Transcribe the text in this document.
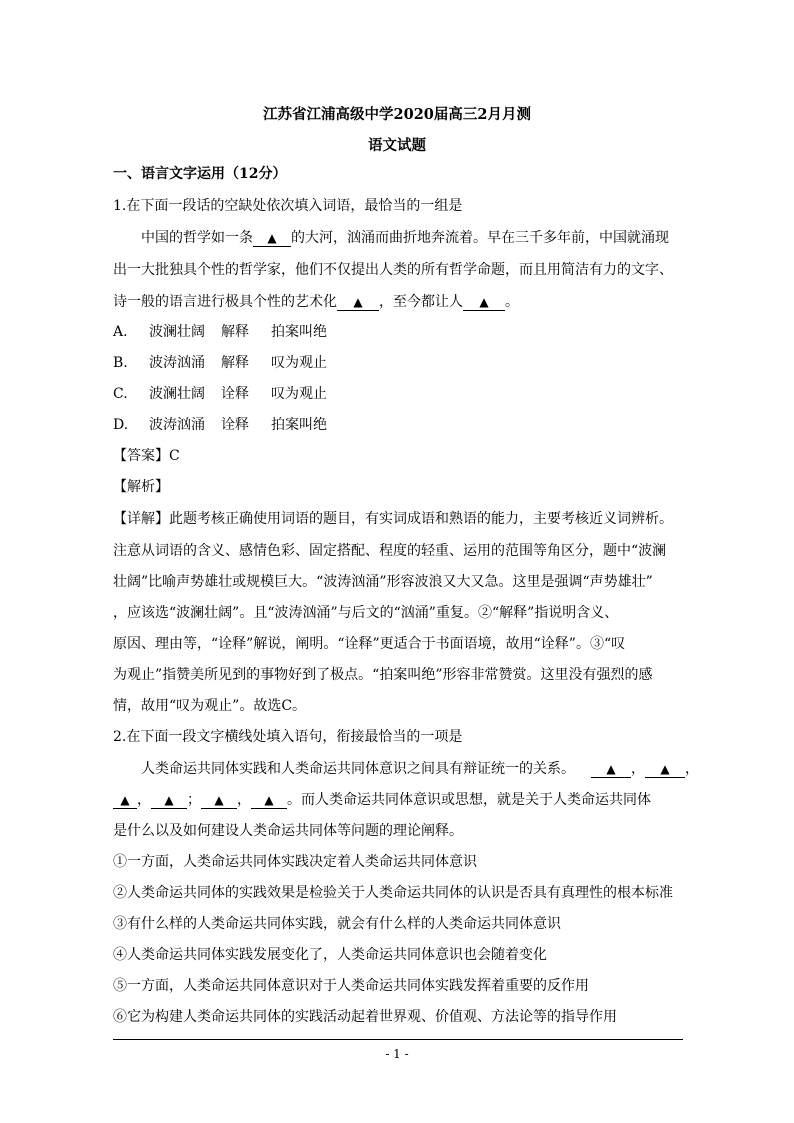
江苏省江浦高级中学2020届高三2月月测
语文试题
一、语言文字运用（12分）
1.在下面一段话的空缺处依次填入词语，最恰当的一组是
中国的哲学如一条 ▲ 的大河，汹涌而曲折地奔流着。早在三千多年前，中国就涌现
出一大批独具个性的哲学家，他们不仅提出人类的所有哲学命题，而且用简洁有力的文字、
诗一般的语言进行极具个性的艺术化 ▲ ，至今都让人 ▲ 。
A. 波澜壮阔 解释 拍案叫绝
B. 波涛汹涌 解释 叹为观止
C. 波澜壮阔 诠释 叹为观止
D. 波涛汹涌 诠释 拍案叫绝
【答案】C
【解析】
【详解】此题考核正确使用词语的题目，有实词成语和熟语的能力，主要考核近义词辨析。
注意从词语的含义、感情色彩、固定搭配、程度的轻重、运用的范围等角区分，题中“波澜
壮阔”比喻声势雄壮或规模巨大。“波涛汹涌”形容波浪又大又急。这里是强调“声势雄壮”
，应该选“波澜壮阔”。且“波涛汹涌”与后文的“汹涌”重复。②“解释”指说明含义、
原因、理由等，“诠释”解说，阐明。“诠释”更适合于书面语境，故用“诠释”。③“叹
为观止”指赞美所见到的事物好到了极点。“拍案叫绝”形容非常赞赏。这里没有强烈的感
情，故用“叹为观止”。故选C。
2.在下面一段文字横线处填入语句，衔接最恰当的一项是
人类命运共同体实践和人类命运共同体意识之间具有辩证统一的关系。	▲ ， ▲ ，
▲ ， ▲ ； ▲ ， ▲ 。而人类命运共同体意识或思想，就是关于人类命运共同体
是什么以及如何建设人类命运共同体等问题的理论阐释。
①一方面，人类命运共同体实践决定着人类命运共同体意识
②人类命运共同体的实践效果是检验关于人类命运共同体的认识是否具有真理性的根本标准
③有什么样的人类命运共同体实践，就会有什么样的人类命运共同体意识
④人类命运共同体实践发展变化了，人类命运共同体意识也会随着变化
⑤一方面，人类命运共同体意识对于人类命运共同体实践发挥着重要的反作用
⑥它为构建人类命运共同体的实践活动起着世界观、价值观、方法论等的指导作用
- 1 -
